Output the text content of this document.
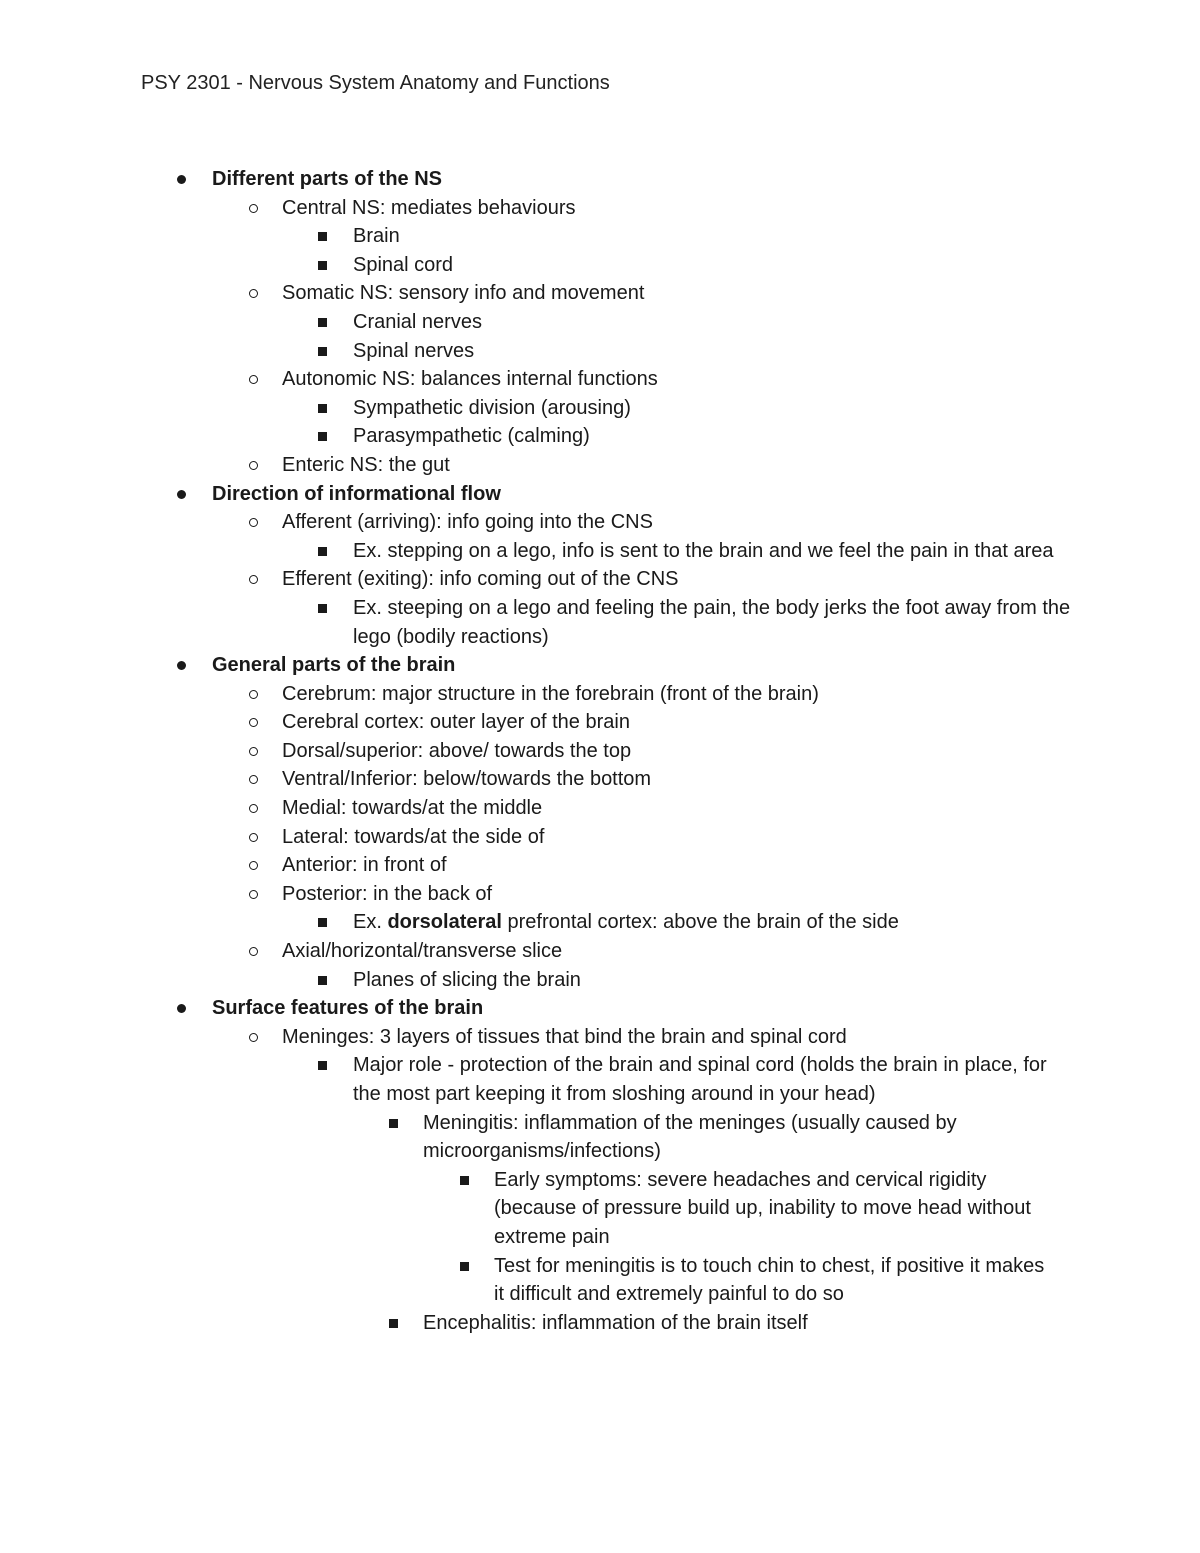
PSY 2301 - Nervous System Anatomy and Functions
Different parts of the NS
Central NS: mediates behaviours
Brain
Spinal cord
Somatic NS: sensory info and movement
Cranial nerves
Spinal nerves
Autonomic NS: balances internal functions
Sympathetic division (arousing)
Parasympathetic (calming)
Enteric NS: the gut
Direction of informational flow
Afferent (arriving): info going into the CNS
Ex. stepping on a lego, info is sent to the brain and we feel the pain in that area
Efferent (exiting): info coming out of the CNS
Ex. steeping on a lego and feeling the pain, the body jerks the foot away from the lego (bodily reactions)
General parts of the brain
Cerebrum: major structure in the forebrain (front of the brain)
Cerebral cortex: outer layer of the brain
Dorsal/superior: above/ towards the top
Ventral/Inferior: below/towards the bottom
Medial: towards/at the middle
Lateral: towards/at the side of
Anterior: in front of
Posterior: in the back of
Ex. dorsolateral prefrontal cortex: above the brain of the side
Axial/horizontal/transverse slice
Planes of slicing the brain
Surface features of the brain
Meninges: 3 layers of tissues that bind the brain and spinal cord
Major role - protection of the brain and spinal cord (holds the brain in place, for the most part keeping it from sloshing around in your head)
Meningitis: inflammation of the meninges (usually caused by microorganisms/infections)
Early symptoms: severe headaches and cervical rigidity (because of pressure build up, inability to move head without extreme pain
Test for meningitis is to touch chin to chest, if positive it makes it difficult and extremely painful to do so
Encephalitis: inflammation of the brain itself
